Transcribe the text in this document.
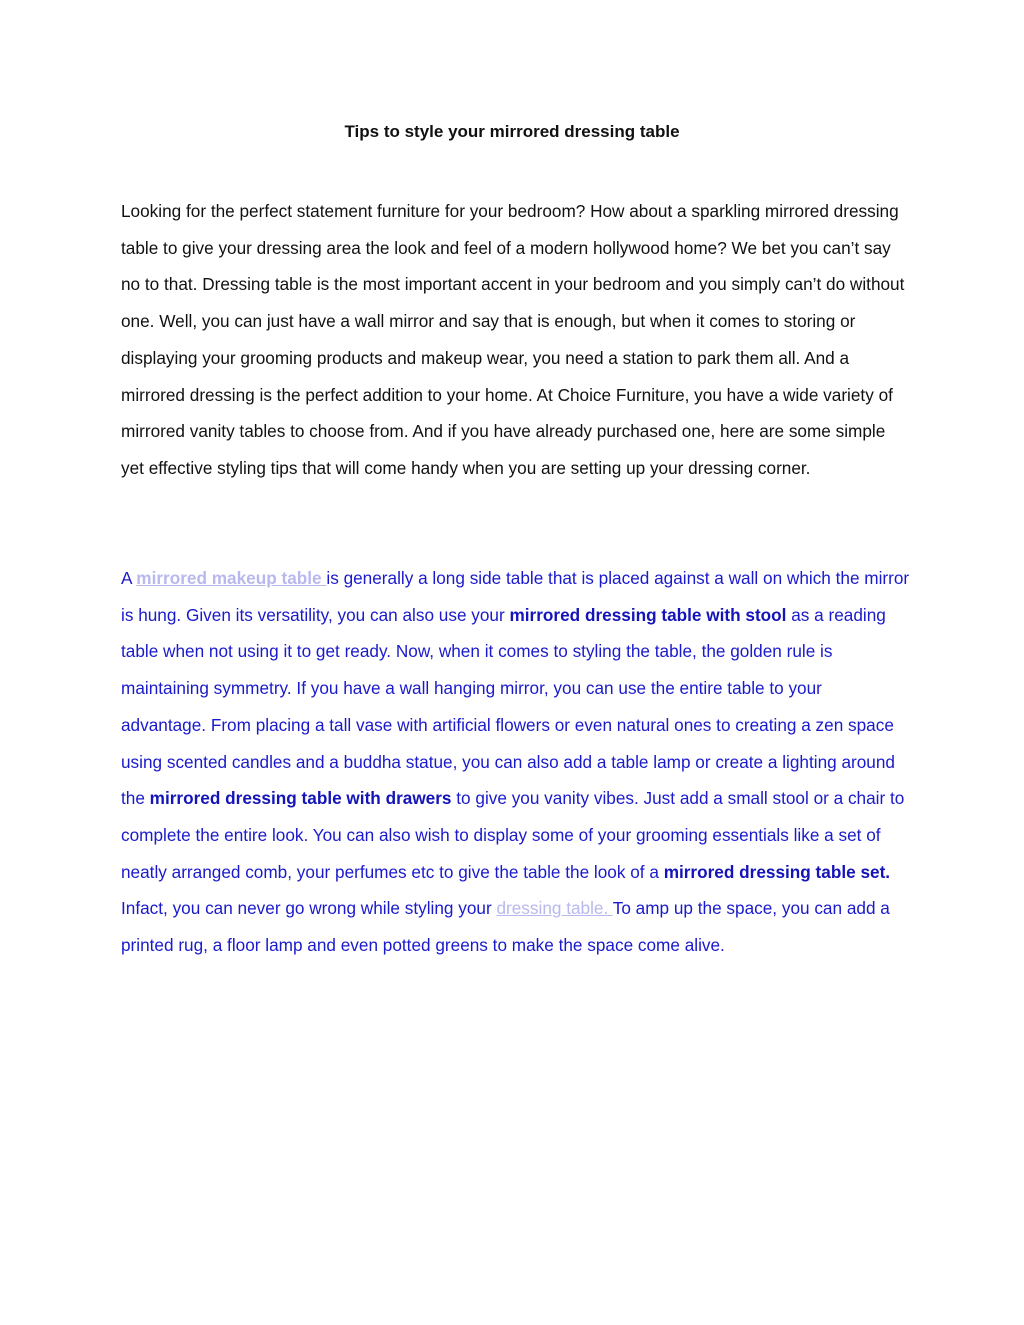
Tips to style your mirrored dressing table

Looking for the perfect statement furniture for your bedroom? How about a sparkling mirrored dressing table to give your dressing area the look and feel of a modern hollywood home? We bet you can’t say no to that. Dressing table is the most important accent in your bedroom and you simply can’t do without one. Well, you can just have a wall mirror and say that is enough, but when it comes to storing or displaying your grooming products and makeup wear, you need a station to park them all. And a mirrored dressing is the perfect addition to your home. At Choice Furniture, you have a wide variety of mirrored vanity tables to choose from. And if you have already purchased one, here are some simple yet effective styling tips that will come handy when you are setting up your dressing corner.

A mirrored makeup table is generally a long side table that is placed against a wall on which the mirror is hung. Given its versatility, you can also use your mirrored dressing table with stool as a reading table when not using it to get ready. Now, when it comes to styling the table, the golden rule is maintaining symmetry. If you have a wall hanging mirror, you can use the entire table to your advantage. From placing a tall vase with artificial flowers or even natural ones to creating a zen space using scented candles and a buddha statue, you can also add a table lamp or create a lighting around the mirrored dressing table with drawers to give you vanity vibes. Just add a small stool or a chair to complete the entire look. You can also wish to display some of your grooming essentials like a set of neatly arranged comb, your perfumes etc to give the table the look of a mirrored dressing table set. Infact, you can never go wrong while styling your dressing table. To amp up the space, you can add a printed rug, a floor lamp and even potted greens to make the space come alive.
